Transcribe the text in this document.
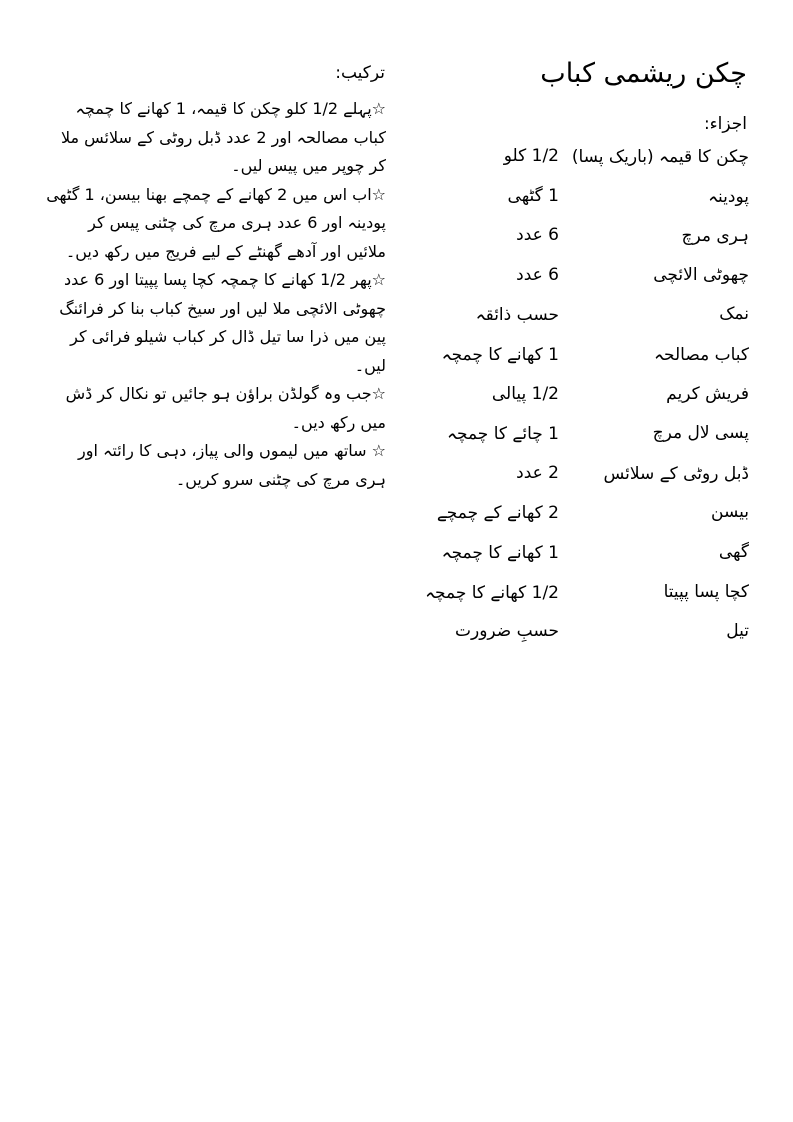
چکن ریشمی کباب
اجزاء:
چکن کا قیمہ (باریک پسا)
1/2 کلو
پودینہ
1 گٹھی
ہری مرچ
6 عدد
چھوٹی الائچی
6 عدد
نمک
حسب ذائقہ
کباب مصالحہ
1 کھانے کا چمچہ
فریش کریم
1/2 پیالی
پسی لال مرچ
1 چائے کا چمچہ
ڈبل روٹی کے سلائس
2 عدد
بیسن
2 کھانے کے چمچے
گھی
1 کھانے کا چمچہ
کچا پسا پپیتا
1/2 کھانے کا چمچہ
تیل
حسبِ ضرورت
ترکیب:

☆پہلے 1/2 کلو چکن کا قیمہ، 1 کھانے کا چمچہ کباب مصالحہ اور 2 عدد ڈبل روٹی کے سلائس ملا کر چوپر میں پیس لیں۔

☆اب اس میں 2 کھانے کے چمچے بھنا بیسن، 1 گٹھی پودینہ اور 6 عدد ہری مرچ کی چٹنی پیس کر ملائیں اور آدھے گھنٹے کے لیے فریج میں رکھ دیں۔

☆پھر 1/2 کھانے کا چمچہ کچا پسا پپیتا اور 6 عدد چھوٹی الائچی ملا لیں اور سیخ کباب بنا کر فرائنگ پین میں ذرا سا تیل ڈال کر کباب شیلو فرائی کر لیں۔

☆جب وہ گولڈن براؤن ہو جائیں تو نکال کر ڈش میں رکھ دیں۔

☆ ساتھ میں لیموں والی پیاز، دہی کا رائتہ اور ہری مرچ کی چٹنی سرو کریں۔
